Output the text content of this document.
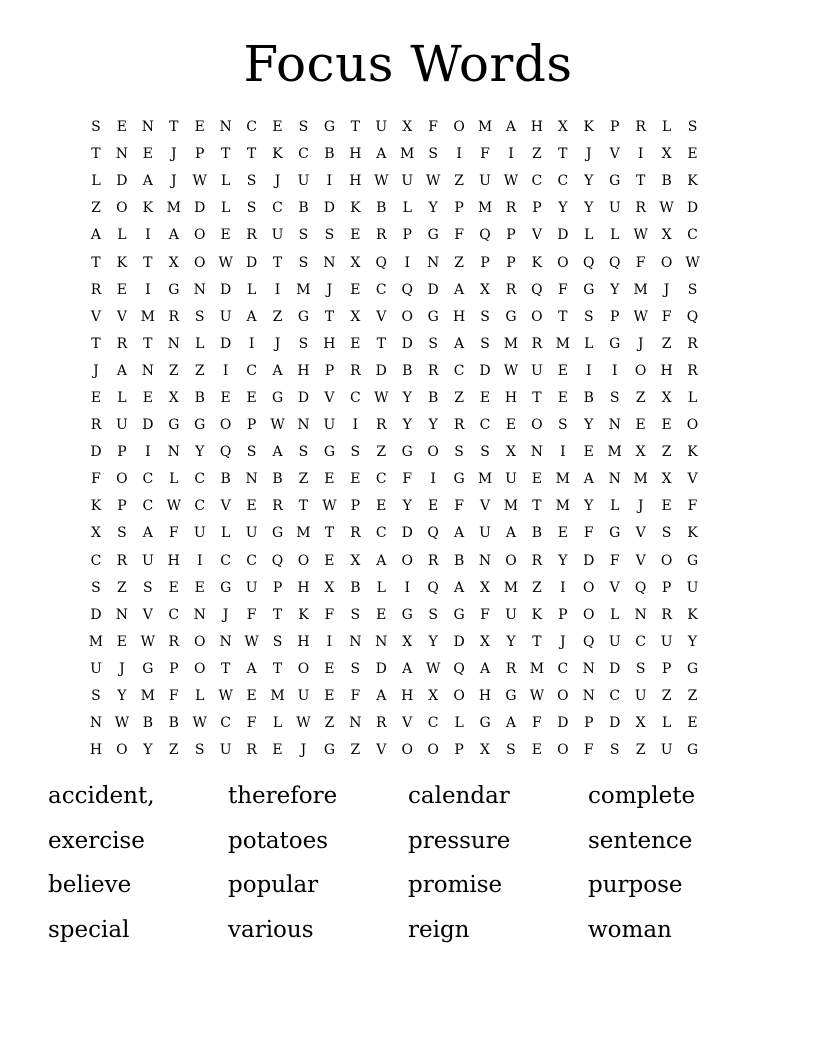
Focus Words
S	E	N	T	E	N	C	E	S	G	T	U	X	F	O M A	H	X	K	P	R	L	S
T	N	E	J	P	T	T	K	C	B	H	A M S	I	F	I	Z	T	J	V	I	X	E
L	D	A	J	W	L	S	J	U	I	H W U W Z	U W C	C	Y	G	T	B	K
Z	O	K M D	L	S	C	B	D	K	B	L	Y	P	M R	P	Y	Y	U	R W D
A	L	I	A	O	E	R	U	S	S	E	R	P	G	F	Q	P	V	D	L	L	W X	C
T	K	T	X	O W D	T	S	N	X	Q	I	N	Z	P	P	K	O	Q	Q	F	O W
R	E	I	G	N	D	L	I	M	J	E	C	Q	D	A	X	R	Q	F	G	Y	M	J	S
V	V M R	S	U	A	Z	G	T	X	V	O	G	H	S	G	O	T	S	P	W F	Q
T	R	T	N	L	D	I	J	S	H	E	T	D	S	A	S M R M	L	G	J	Z	R
J	A	N	Z	Z	I	C	A	H	P	R	D	B	R	C	D W U	E	I	I	O	H	R
E	L	E	X	B	E	E	G	D	V	C W	Y	B	Z	E	H	T	E	B	S	Z	X	L
R	U	D	G	G	O	P	W N U	I	R	Y	Y	R	C	E	O	S	Y	N	E	E	O
D	P	I	N	Y	Q	S	A	S	G	S	Z	G	O	S	S	X	N	I	E M X	Z	K
F	O	C	L	C	B	N	B	Z	E	E	C	F	I	G M U	E M A	N M X	V
K	P	C W C	V	E	R	T	W	P	E	Y	E	F	V M	T	M	Y	L	J	E	F
X	S	A	F	U	L	U	G M	T	R	C	D	Q	A	U	A	B	E	F	G	V	S	K
C	R	U H	I	C	C	Q	O	E	X	A	O	R	B	N	O	R	Y	D	F	V	O	G
S	Z	S	E	E	G	U	P	H	X	B	L	I	Q	A	X M Z	I	O	V	Q	P	U
D	N	V	C	N	J	F	T	K	F	S	E	G	S	G	F	U	K	P	O	L	N	R	K
M E W R	O	N W S	H	I	N N	X	Y	D	X	Y	T	J	Q	U	C	U	Y
U	J	G	P	O	T	A	T	O	E	S	D	A W Q	A	R M C	N	D	S	P	G
S	Y	M F	L	W E M U	E	F	A	H	X	O	H	G W O	N	C	U	Z	Z
N W B	B W C	F	L	W Z	N	R	V	C	L	G	A	F	D	P	D	X	L	E
H	O	Y	Z	S	U	R	E	J	G	Z	V	O	O	P	X	S	E	O	F	S	Z	U	G
accident,	therefore	calendar	complete
exercise	potatoes	pressure	sentence
believe	popular	promise	purpose
special	various	reign	woman
